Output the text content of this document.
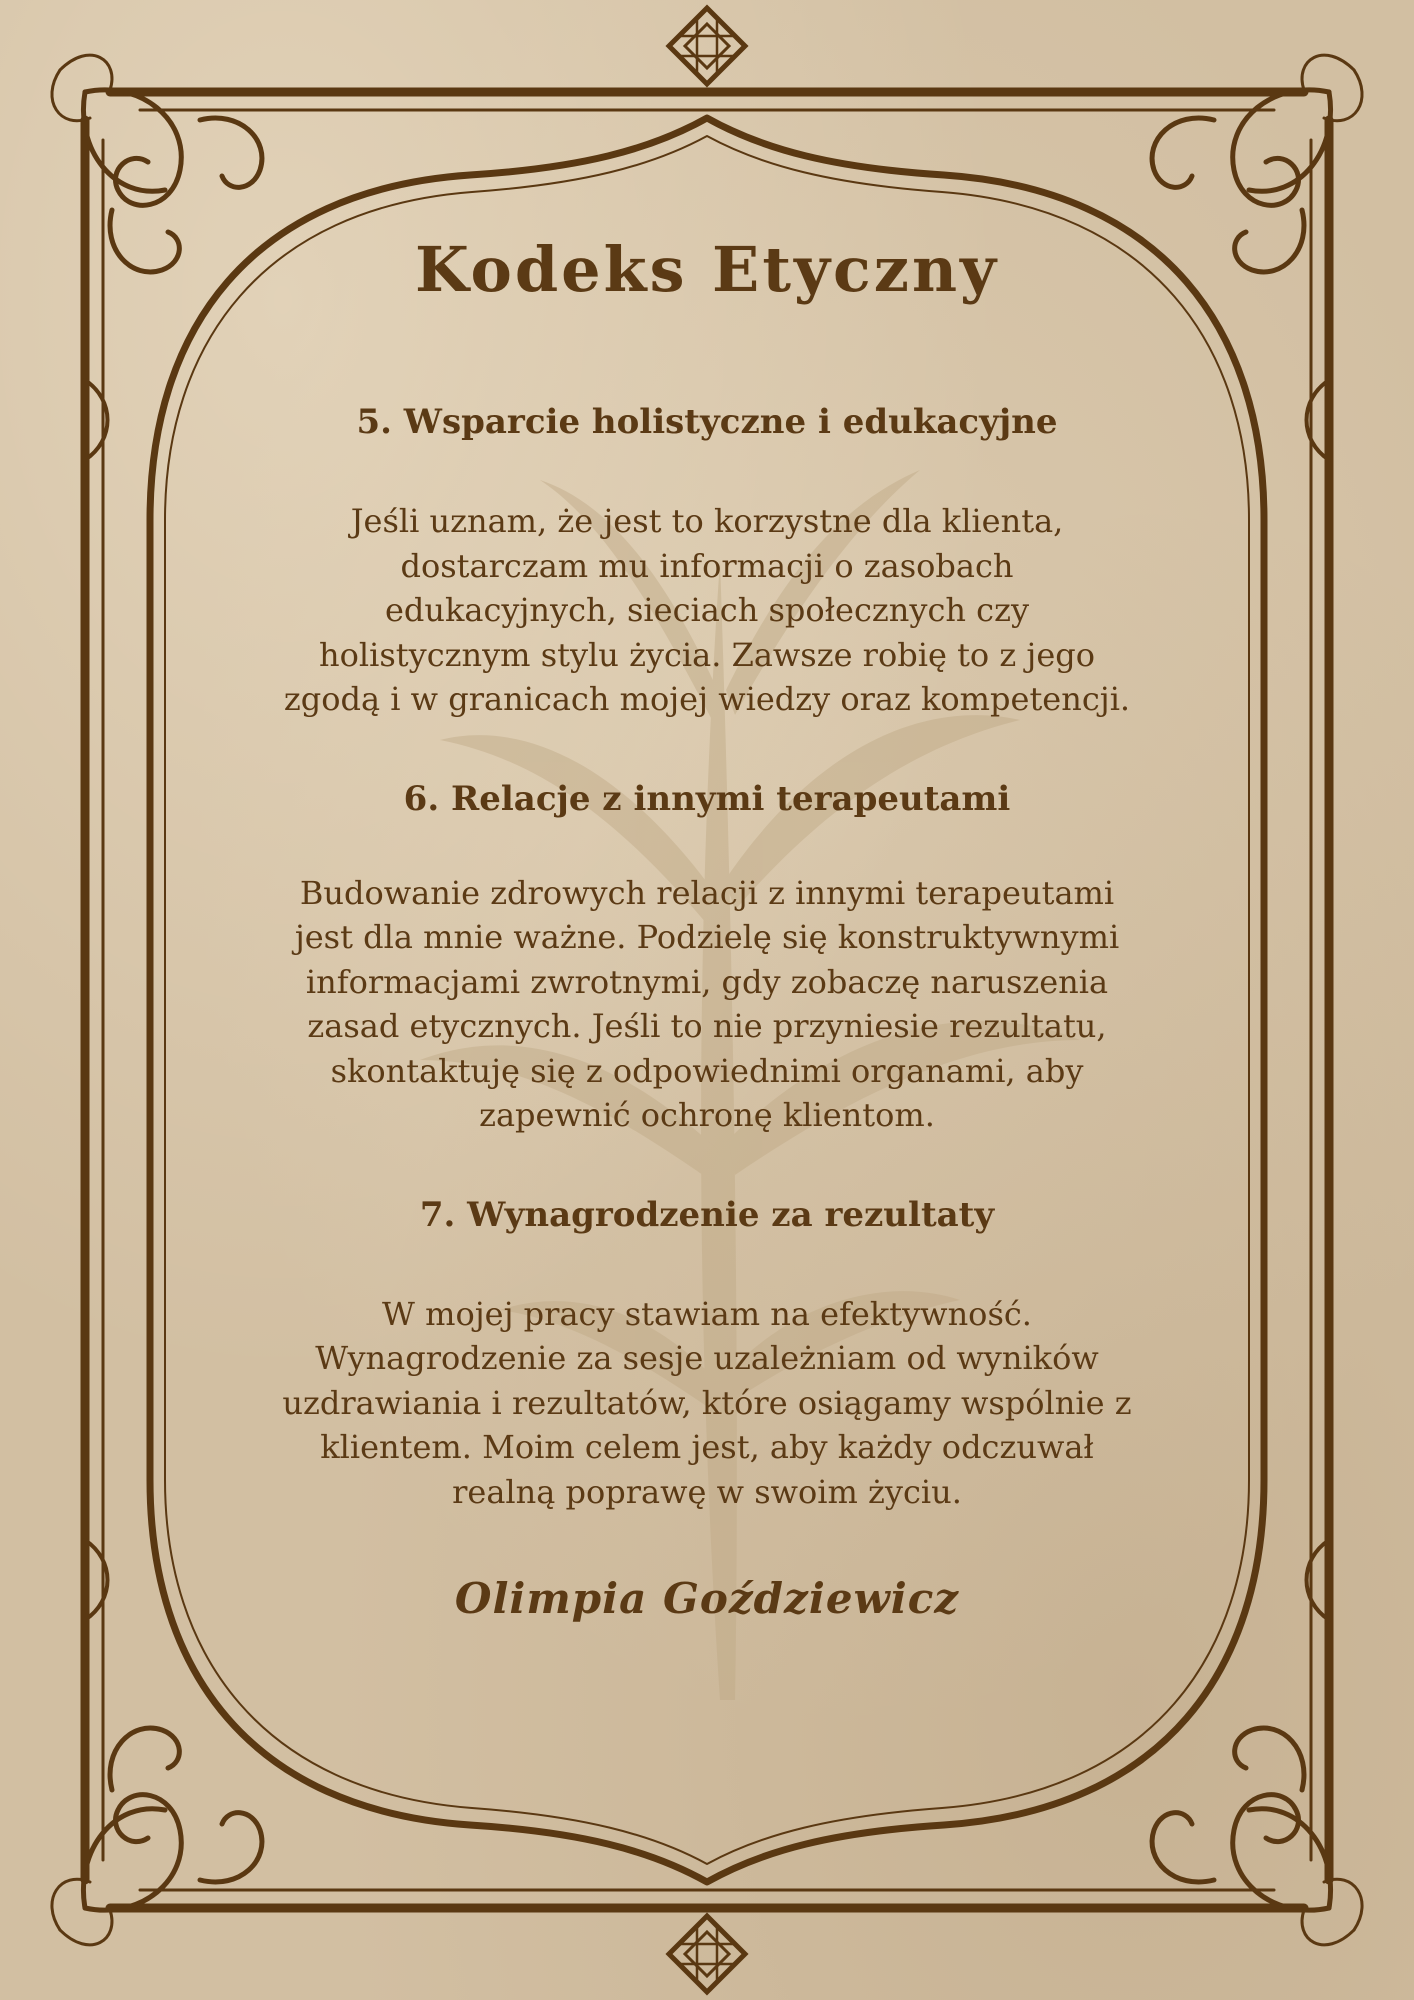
Kodeks Etyczny
5. Wsparcie holistyczne i edukacyjne

Jeśli uznam, że jest to korzystne dla klienta,
dostarczam mu informacji o zasobach
edukacyjnych, sieciach społecznych czy
holistycznym stylu życia. Zawsze robię to z jego
zgodą i w granicach mojej wiedzy oraz kompetencji.

6. Relacje z innymi terapeutami

Budowanie zdrowych relacji z innymi terapeutami
jest dla mnie ważne. Podzielę się konstruktywnymi
informacjami zwrotnymi, gdy zobaczę naruszenia
zasad etycznych. Jeśli to nie przyniesie rezultatu,
skontaktuję się z odpowiednimi organami, aby
zapewnić ochronę klientom.

7. Wynagrodzenie za rezultaty

W mojej pracy stawiam na efektywność.
Wynagrodzenie za sesje uzależniam od wyników
uzdrawiania i rezultatów, które osiągamy wspólnie z
klientem. Moim celem jest, aby każdy odczuwał
realną poprawę w swoim życiu.

Olimpia Goździewicz
